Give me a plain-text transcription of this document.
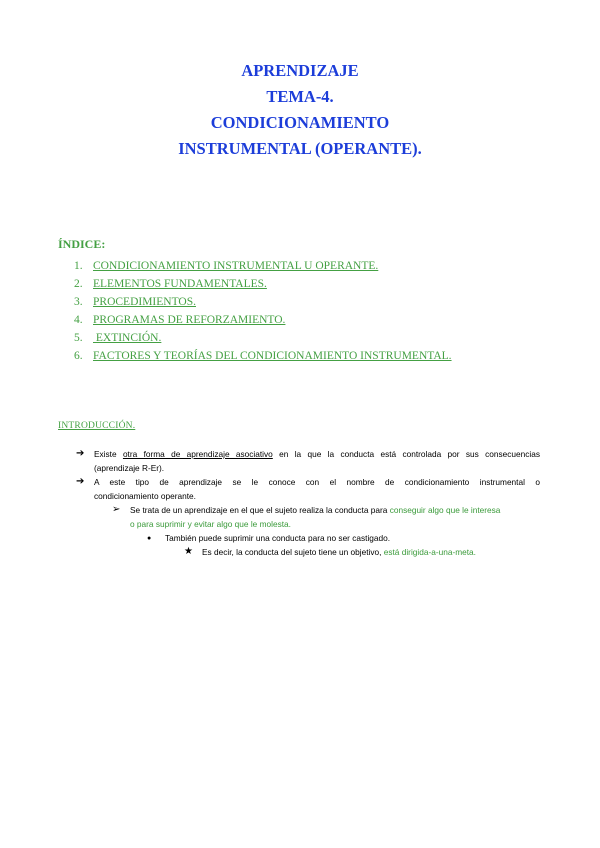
APRENDIZAJE
TEMA-4.
CONDICIONAMIENTO
INSTRUMENTAL (OPERANTE).
ÍNDICE:
1. CONDICIONAMIENTO INSTRUMENTAL U OPERANTE.
2. ELEMENTOS FUNDAMENTALES.
3. PROCEDIMIENTOS.
4. PROGRAMAS DE REFORZAMIENTO.
5. EXTINCIÓN.
6. FACTORES Y TEORÍAS DEL CONDICIONAMIENTO INSTRUMENTAL.
INTRODUCCIÓN.
➔ Existe otra forma de aprendizaje asociativo en la que la conducta está controlada por sus consecuencias
(aprendizaje R-Er).
➔ A este tipo de aprendizaje se le conoce con el nombre de condicionamiento instrumental o
condicionamiento operante.
➢ Se trata de un aprendizaje en el que el sujeto realiza la conducta para conseguir algo que le interesa
o para suprimir y evitar algo que le molesta.
● También puede suprimir una conducta para no ser castigado.
★ Es decir, la conducta del sujeto tiene un objetivo, está dirigida-a-una-meta.
